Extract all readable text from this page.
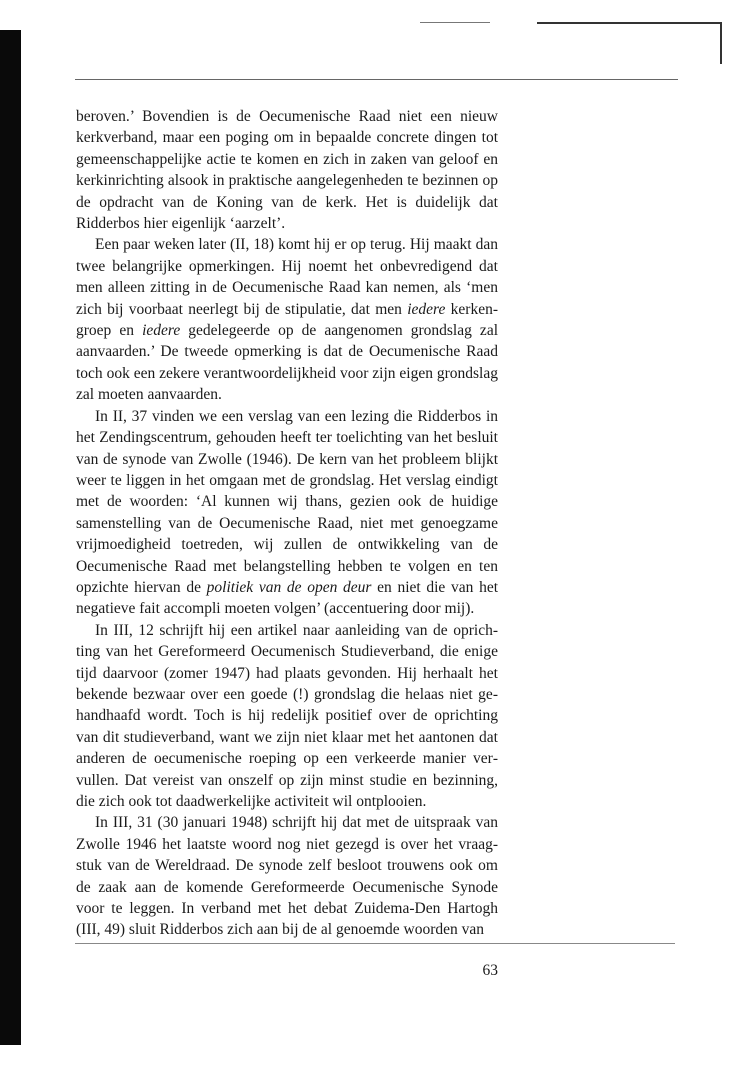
beroven.’ Bovendien is de Oecumenische Raad niet een nieuw kerkverband, maar een poging om in bepaalde concrete dingen tot gemeenschappelijke actie te komen en zich in zaken van geloof en kerkinrichting alsook in praktische aangelegenheden te bezinnen op de opdracht van de Koning van de kerk. Het is duidelijk dat Ridderbos hier eigenlijk ‘aarzelt’.

Een paar weken later (II, 18) komt hij er op terug. Hij maakt dan twee belangrijke opmerkingen. Hij noemt het onbevredigend dat men alleen zitting in de Oecumenische Raad kan nemen, als ‘men zich bij voorbaat neerlegt bij de stipulatie, dat men iedere kerkengroep en iedere gedelegeerde op de aangenomen grondslag zal aanvaarden.’ De tweede opmerking is dat de Oecumenische Raad toch ook een zekere verantwoordelijkheid voor zijn eigen grondslag zal moeten aanvaarden.

In II, 37 vinden we een verslag van een lezing die Ridderbos in het Zendingscentrum, gehouden heeft ter toelichting van het besluit van de synode van Zwolle (1946). De kern van het probleem blijkt weer te liggen in het omgaan met de grondslag. Het verslag eindigt met de woorden: ‘Al kunnen wij thans, gezien ook de huidige samenstelling van de Oecumenische Raad, niet met genoegzame vrijmoedigheid toetreden, wij zullen de ontwikkeling van de Oecumenische Raad met belangstelling hebben te volgen en ten opzichte hiervan de politiek van de open deur en niet die van het negatieve fait accompli moeten volgen’ (accentuering door mij).

In III, 12 schrijft hij een artikel naar aanleiding van de oprichting van het Gereformeerd Oecumenisch Studieverband, die enige tijd daarvoor (zomer 1947) had plaats gevonden. Hij herhaalt het bekende bezwaar over een goede (!) grondslag die helaas niet gehandhaafd wordt. Toch is hij redelijk positief over de oprichting van dit studieverband, want we zijn niet klaar met het aantonen dat anderen de oecumenische roeping op een verkeerde manier vervullen. Dat vereist van onszelf op zijn minst studie en bezinning, die zich ook tot daadwerkelijke activiteit wil ontplooien.

In III, 31 (30 januari 1948) schrijft hij dat met de uitspraak van Zwolle 1946 het laatste woord nog niet gezegd is over het vraagstuk van de Wereldraad. De synode zelf besloot trouwens ook om de zaak aan de komende Gereformeerde Oecumenische Synode voor te leggen. In verband met het debat Zuidema-Den Hartogh (III, 49) sluit Ridderbos zich aan bij de al genoemde woorden van

63
